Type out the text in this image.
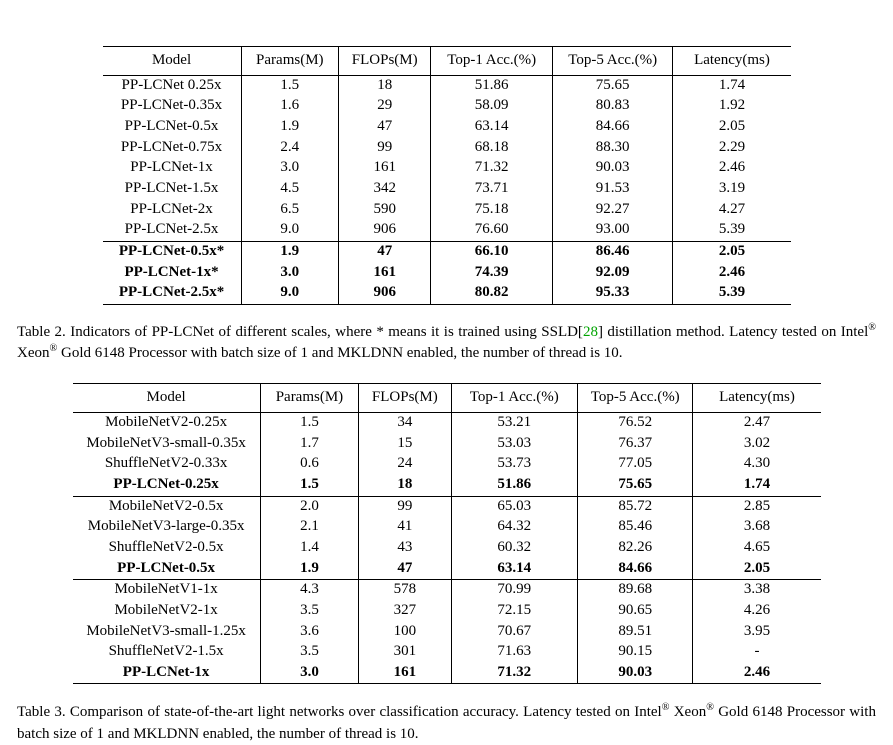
Model	Params(M)	FLOPs(M)	Top-1 Acc.(%)	Top-5 Acc.(%)	Latency(ms)
PP-LCNet 0.25x	1.5	18	51.86	75.65	1.74
PP-LCNet-0.35x	1.6	29	58.09	80.83	1.92
PP-LCNet-0.5x	1.9	47	63.14	84.66	2.05
PP-LCNet-0.75x	2.4	99	68.18	88.30	2.29
PP-LCNet-1x	3.0	161	71.32	90.03	2.46
PP-LCNet-1.5x	4.5	342	73.71	91.53	3.19
PP-LCNet-2x	6.5	590	75.18	92.27	4.27
PP-LCNet-2.5x	9.0	906	76.60	93.00	5.39
PP-LCNet-0.5x*	1.9	47	66.10	86.46	2.05
PP-LCNet-1x*	3.0	161	74.39	92.09	2.46
PP-LCNet-2.5x*	9.0	906	80.82	95.33	5.39

Table 2. Indicators of PP-LCNet of different scales, where * means it is trained using SSLD[28] distillation method. Latency tested on Intel® Xeon® Gold 6148 Processor with batch size of 1 and MKLDNN enabled, the number of thread is 10.

Model	Params(M)	FLOPs(M)	Top-1 Acc.(%)	Top-5 Acc.(%)	Latency(ms)
MobileNetV2-0.25x	1.5	34	53.21	76.52	2.47
MobileNetV3-small-0.35x	1.7	15	53.03	76.37	3.02
ShuffleNetV2-0.33x	0.6	24	53.73	77.05	4.30
PP-LCNet-0.25x	1.5	18	51.86	75.65	1.74
MobileNetV2-0.5x	2.0	99	65.03	85.72	2.85
MobileNetV3-large-0.35x	2.1	41	64.32	85.46	3.68
ShuffleNetV2-0.5x	1.4	43	60.32	82.26	4.65
PP-LCNet-0.5x	1.9	47	63.14	84.66	2.05
MobileNetV1-1x	4.3	578	70.99	89.68	3.38
MobileNetV2-1x	3.5	327	72.15	90.65	4.26
MobileNetV3-small-1.25x	3.6	100	70.67	89.51	3.95
ShuffleNetV2-1.5x	3.5	301	71.63	90.15	-
PP-LCNet-1x	3.0	161	71.32	90.03	2.46

Table 3. Comparison of state-of-the-art light networks over classification accuracy. Latency tested on Intel® Xeon® Gold 6148 Processor with batch size of 1 and MKLDNN enabled, the number of thread is 10.
